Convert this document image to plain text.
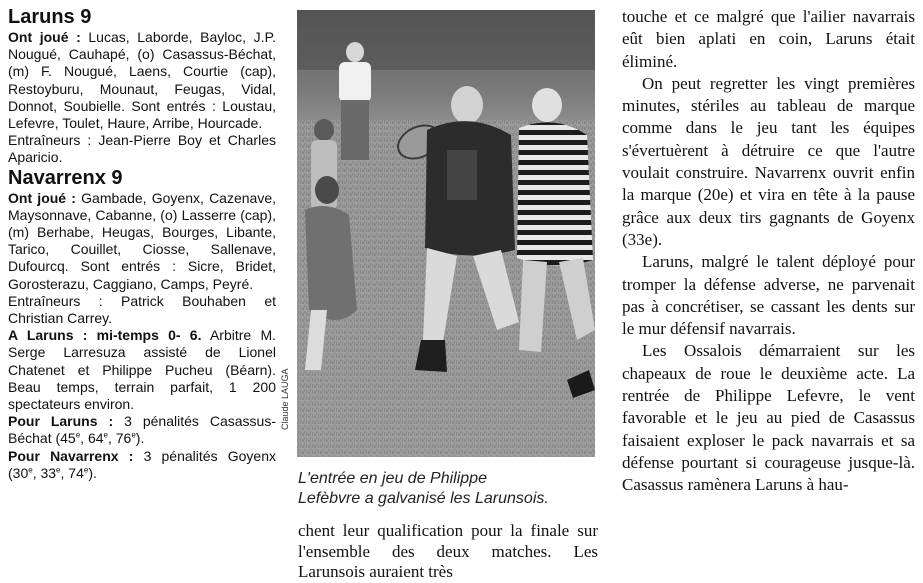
Laruns 9

Ont joué : Lucas, Laborde, Bayloc, J.P. Nougué, Cauhapé, (o) Casassus-Béchat, (m) F. Nougué, Laens, Courtie (cap), Restoyburu, Mounaut, Feugas, Vidal, Donnot, Soubielle. Sont entrés : Loustau, Lefevre, Toulet, Haure, Arribe, Hourcade.

Entraîneurs : Jean-Pierre Boy et Charles Aparicio.

Navarrenx 9

Ont joué : Gambade, Goyenx, Cazenave, Maysonnave, Cabanne, (o) Lasserre (cap), (m) Berhabe, Heugas, Bourges, Libante, Tarico, Couillet, Ciosse, Sallenave, Dufourcq. Sont entrés : Sicre, Bridet, Gorosterazu, Caggiano, Camps, Peyré.

Entraîneurs : Patrick Bouhaben et Christian Carrey.

A Laruns : mi-temps 0- 6. Arbitre M. Serge Larresuza assisté de Lionel Chatenet et Philippe Pucheu (Béarn). Beau temps, terrain parfait, 1 200 spectateurs environ.

Pour Laruns : 3 pénalités Casassus-Béchat (45e, 64e, 76e).

Pour Navarrenx : 3 pénalités Goyenx (30e, 33e, 74e).

Claude LAUGA
L'entrée en jeu de Philippe
Lefèbvre a galvanisé les Larunsois.

chent leur qualification pour la finale sur l'ensemble des deux matches. Les Larunsois auraient très

touche et ce malgré que l'ailier navarrais eût bien aplati en coin, Laruns était éliminé.

On peut regretter les vingt premières minutes, stériles au tableau de marque comme dans le jeu tant les équipes s'évertuèrent à détruire ce que l'autre voulait construire. Navarrenx ouvrit enfin la marque (20e) et vira en tête à la pause grâce aux deux tirs gagnants de Goyenx (33e).

Laruns, malgré le talent déployé pour tromper la défense adverse, ne parvenait pas à concrétiser, se cassant les dents sur le mur défensif navarrais.

Les Ossalois démarraient sur les chapeaux de roue le deuxième acte. La rentrée de Philippe Lefevre, le vent favorable et le jeu au pied de Casassus faisaient exploser le pack navarrais et sa défense pourtant si courageuse jusque-là. Casassus ramènera Laruns à hau-
